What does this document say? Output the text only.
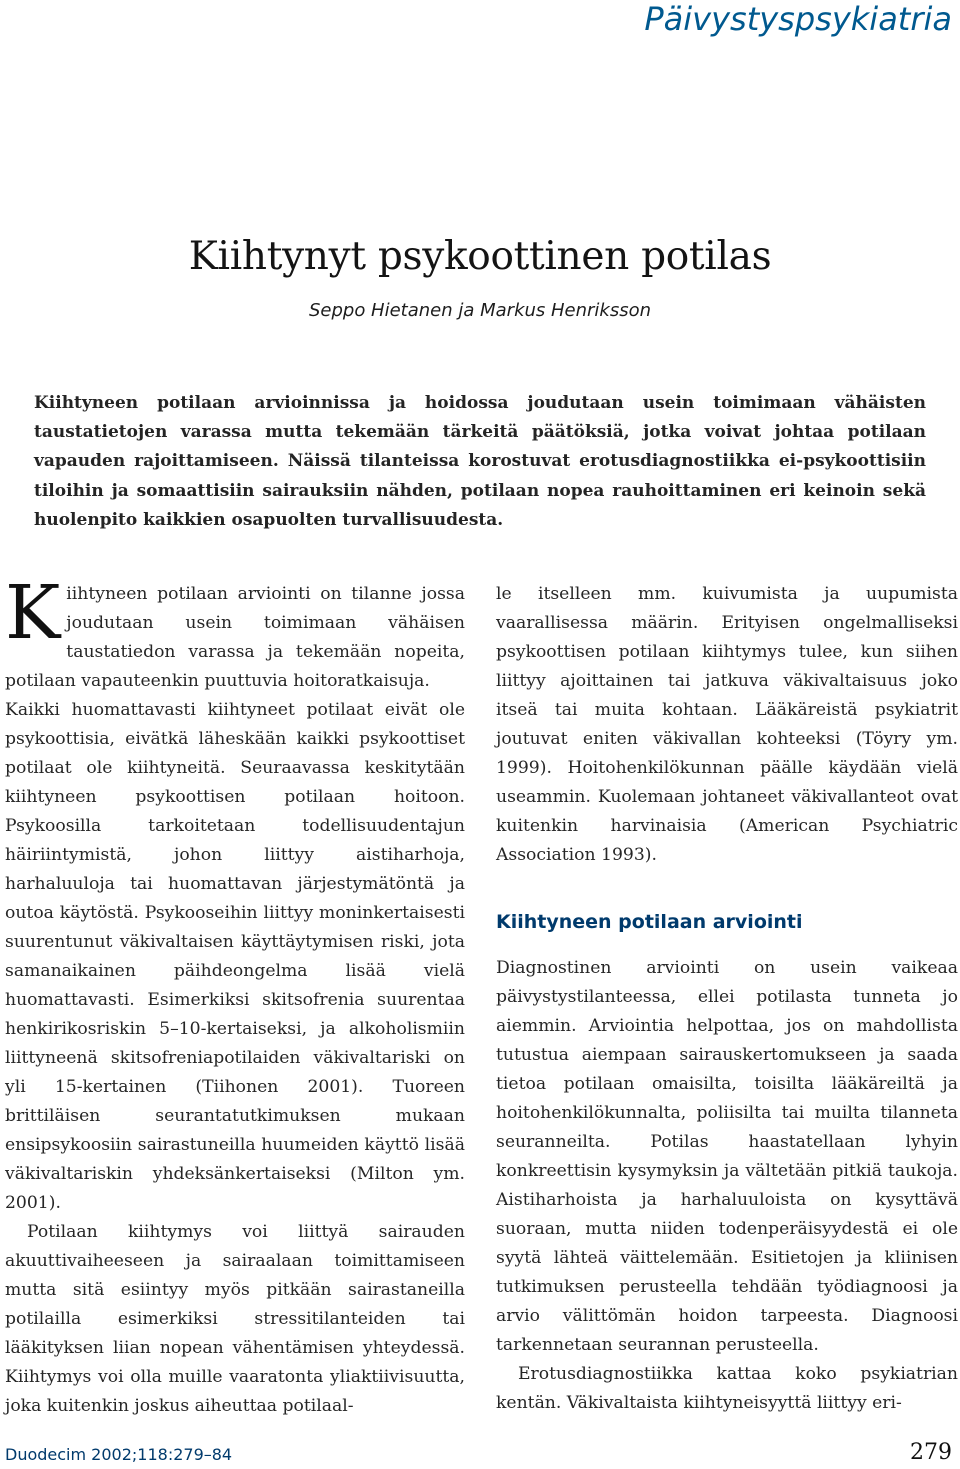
Päivystyspsykiatria
Kiihtynyt psykoottinen potilas
Seppo Hietanen ja Markus Henriksson

Kiihtyneen potilaan arvioinnissa ja hoidossa joudutaan usein toimimaan vähäisten taustatietojen varassa mutta tekemään tärkeitä päätöksiä, jotka voivat johtaa potilaan vapauden rajoittamiseen. Näissä tilanteissa korostuvat erotusdiagnostiikka ei-psykoottisiin tiloihin ja somaattisiin sairauksiin nähden, potilaan nopea rauhoittaminen eri keinoin sekä huolenpito kaikkien osapuolten turvallisuudesta.

Kiihtyneen potilaan arviointi on tilanne jossa joudutaan usein toimimaan vähäisen taustatiedon varassa ja tekemään nopeita, potilaan vapauteenkin puuttuvia hoitoratkaisuja.

Kaikki huomattavasti kiihtyneet potilaat eivät ole psykoottisia, eivätkä läheskään kaikki psykoottiset potilaat ole kiihtyneitä. Seuraavassa keskitytään kiihtyneen psykoottisen potilaan hoitoon. Psykoosilla tarkoitetaan todellisuudentajun häiriintymistä, johon liittyy aistiharhoja, harhaluuloja tai huomattavan järjestymätöntä ja outoa käytöstä. Psykooseihin liittyy moninkertaisesti suurentunut väkivaltaisen käyttäytymisen riski, jota samanaikainen päihdeongelma lisää vielä huomattavasti. Esimerkiksi skitsofrenia suurentaa henkirikosriskin 5–10-kertaiseksi, ja alkoholismiin liittyneenä skitsofreniapotilaiden väkivaltariski on yli 15-kertainen (Tiihonen 2001). Tuoreen brittiläisen seurantatutkimuksen mukaan ensipsykoosiin sairastuneilla huumeiden käyttö lisää väkivaltariskin yhdeksänkertaiseksi (Milton ym. 2001).

Potilaan kiihtymys voi liittyä sairauden akuuttivaiheeseen ja sairaalaan toimittamiseen mutta sitä esiintyy myös pitkään sairastaneilla potilailla esimerkiksi stressitilanteiden tai lääkityksen liian nopean vähentämisen yhteydessä. Kiihtymys voi olla muille vaaratonta yliaktiivisuutta, joka kuitenkin joskus aiheuttaa potilaal-

le itselleen mm. kuivumista ja uupumista vaarallisessa määrin. Erityisen ongelmalliseksi psykoottisen potilaan kiihtymys tulee, kun siihen liittyy ajoittainen tai jatkuva väkivaltaisuus joko itseä tai muita kohtaan. Lääkäreistä psykiatrit joutuvat eniten väkivallan kohteeksi (Töyry ym. 1999). Hoitohenkilökunnan päälle käydään vielä useammin. Kuolemaan johtaneet väkivallanteot ovat kuitenkin harvinaisia (American Psychiatric Association 1993).

Kiihtyneen potilaan arviointi

Diagnostinen arviointi on usein vaikeaa päivystystilanteessa, ellei potilasta tunneta jo aiemmin. Arviointia helpottaa, jos on mahdollista tutustua aiempaan sairauskertomukseen ja saada tietoa potilaan omaisilta, toisilta lääkäreiltä ja hoitohenkilökunnalta, poliisilta tai muilta tilanneta seuranneilta. Potilas haastatellaan lyhyin konkreettisin kysymyksin ja vältetään pitkiä taukoja. Aistiharhoista ja harhaluuloista on kysyttävä suoraan, mutta niiden todenperäisyydestä ei ole syytä lähteä väittelemään. Esitietojen ja kliinisen tutkimuksen perusteella tehdään työdiagnoosi ja arvio välittömän hoidon tarpeesta. Diagnoosi tarkennetaan seurannan perusteella.

Erotusdiagnostiikka kattaa koko psykiatrian kentän. Väkivaltaista kiihtyneisyyttä liittyy eri-

Duodecim 2002;118:279–84	279
